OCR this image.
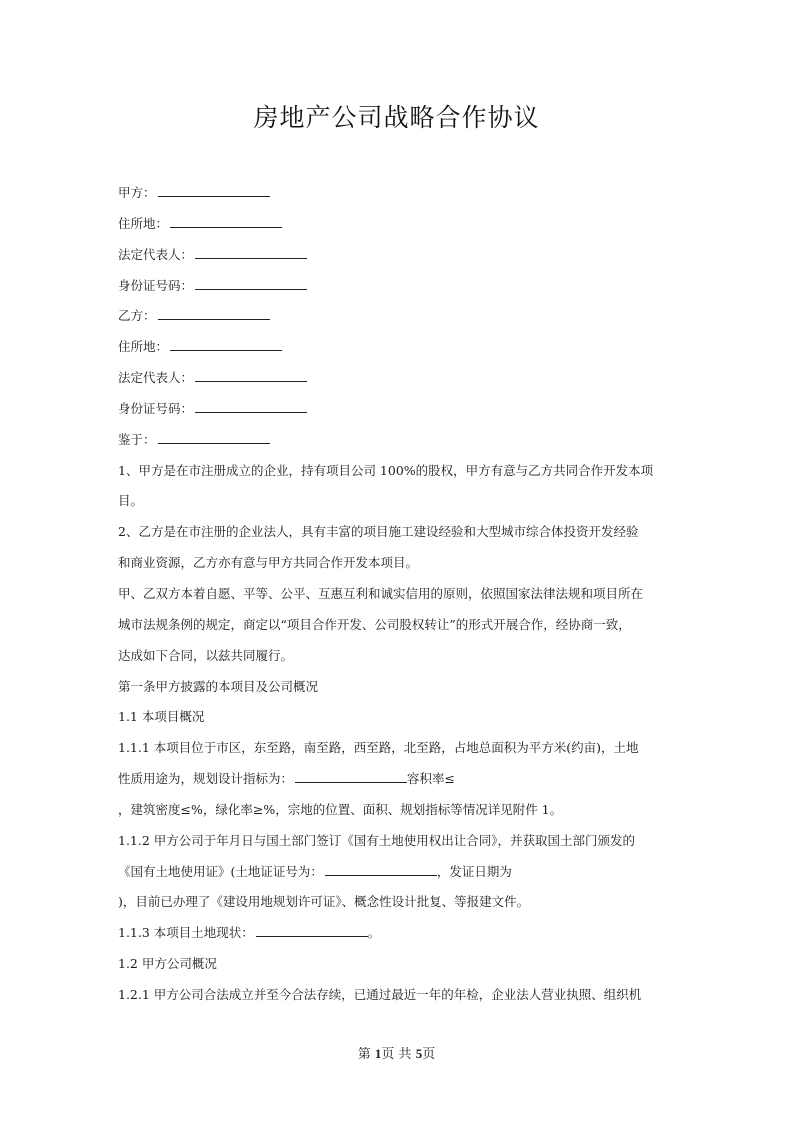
房地产公司战略合作协议
甲方：
住所地：
法定代表人：
身份证号码：
乙方：
住所地：
法定代表人：
身份证号码：
鉴于：
1、甲方是在市注册成立的企业，持有项目公司 100%的股权，甲方有意与乙方共同合作开发本项
目。
2、乙方是在市注册的企业法人，具有丰富的项目施工建设经验和大型城市综合体投资开发经验
和商业资源，乙方亦有意与甲方共同合作开发本项目。
甲、乙双方本着自愿、平等、公平、互惠互利和诚实信用的原则，依照国家法律法规和项目所在
城市法规条例的规定，商定以“项目合作开发、公司股权转让”的形式开展合作，经协商一致，
达成如下合同，以兹共同履行。
第一条甲方披露的本项目及公司概况
1.1 本项目概况
1.1.1 本项目位于市区，东至路，南至路，西至路，北至路，占地总面积为平方米(约亩)，土地
性质用途为，规划设计指标为：	容积率≤
，建筑密度≤%，绿化率≥%，宗地的位置、面积、规划指标等情况详见附件 1。
1.1.2 甲方公司于年月日与国土部门签订《国有土地使用权出让合同》，并获取国土部门颁发的
《国有土地使用证》(土地证证号为：	，发证日期为
)，目前已办理了《建设用地规划许可证》、概念性设计批复、等报建文件。
1.1.3 本项目土地现状：	。
1.2 甲方公司概况
1.2.1 甲方公司合法成立并至今合法存续，已通过最近一年的年检，企业法人营业执照、组织机
第 1页 共 5页
